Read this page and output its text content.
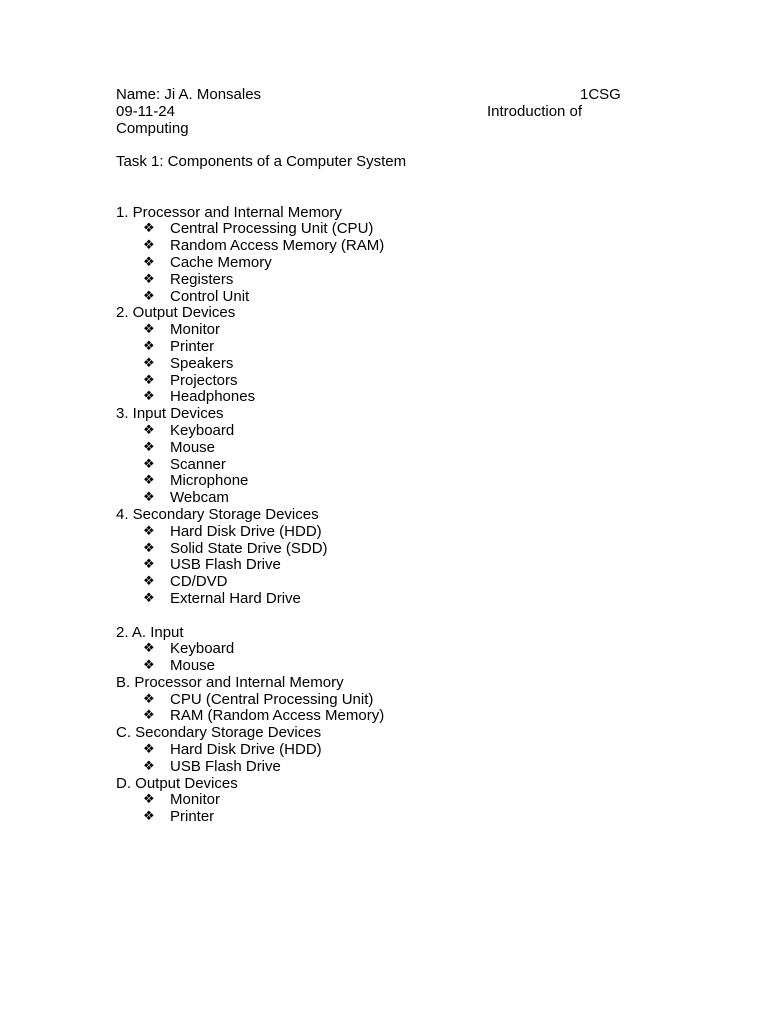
Name: Ji A. Monsales	1CSG
09-11-24	Introduction of
Computing
Task 1: Components of a Computer System
1. Processor and Internal Memory
❖ Central Processing Unit (CPU)
❖ Random Access Memory (RAM)
❖ Cache Memory
❖ Registers
❖ Control Unit
2. Output Devices
❖ Monitor
❖ Printer
❖ Speakers
❖ Projectors
❖ Headphones
3. Input Devices
❖ Keyboard
❖ Mouse
❖ Scanner
❖ Microphone
❖ Webcam
4. Secondary Storage Devices
❖ Hard Disk Drive (HDD)
❖ Solid State Drive (SDD)
❖ USB Flash Drive
❖ CD/DVD
❖ External Hard Drive
2. A. Input
❖ Keyboard
❖ Mouse
B. Processor and Internal Memory
❖ CPU (Central Processing Unit)
❖ RAM (Random Access Memory)
C. Secondary Storage Devices
❖ Hard Disk Drive (HDD)
❖ USB Flash Drive
D. Output Devices
❖ Monitor
❖ Printer
